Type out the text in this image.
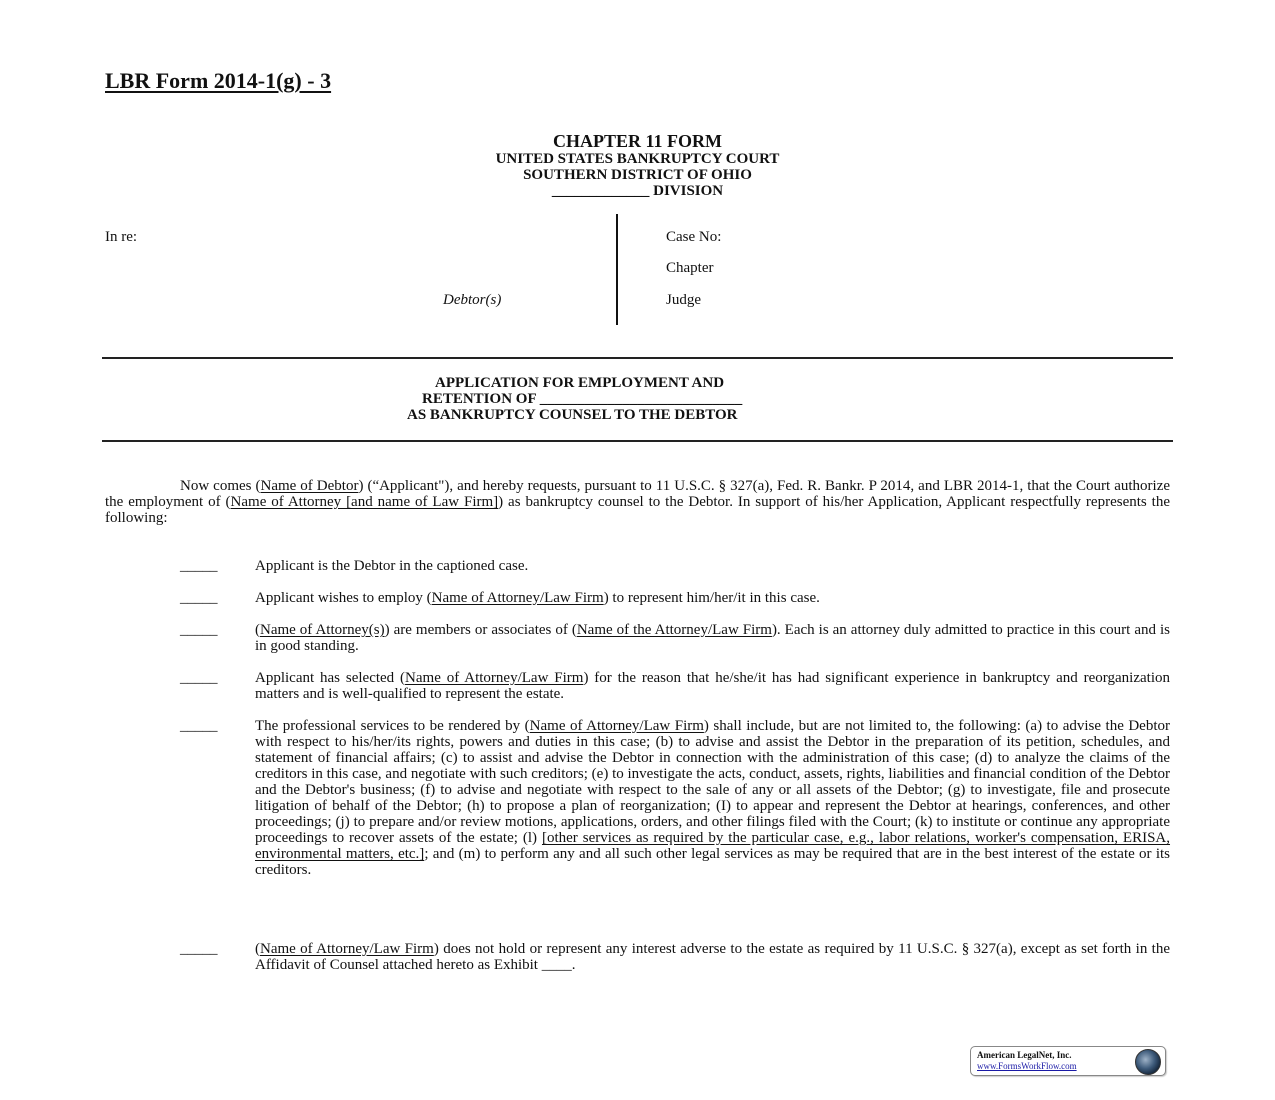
LBR Form 2014-1(g) - 3
CHAPTER 11 FORM
UNITED STATES BANKRUPTCY COURT
SOUTHERN DISTRICT OF OHIO
_____________ DIVISION
In re:
Debtor(s)
Case No:
Chapter
Judge
APPLICATION FOR EMPLOYMENT AND
RETENTION OF ___________________________
AS BANKRUPTCY COUNSEL TO THE DEBTOR
Now comes (Name of Debtor) (“Applicant"), and hereby requests, pursuant to 11 U.S.C. § 327(a), Fed. R. Bankr. P 2014, and LBR 2014-1, that the Court authorize the employment of (Name of Attorney [and name of Law Firm]) as bankruptcy counsel to the Debtor. In support of his/her Application, Applicant respectfully represents the following:
_____	Applicant is the Debtor in the captioned case.
_____	Applicant wishes to employ (Name of Attorney/Law Firm) to represent him/her/it in this case.
_____	(Name of Attorney(s)) are members or associates of (Name of the Attorney/Law Firm). Each is an attorney duly admitted to practice in this court and is in good standing.
_____	Applicant has selected (Name of Attorney/Law Firm) for the reason that he/she/it has had significant experience in bankruptcy and reorganization matters and is well-qualified to represent the estate.
_____	The professional services to be rendered by (Name of Attorney/Law Firm) shall include, but are not limited to, the following: (a) to advise the Debtor with respect to his/her/its rights, powers and duties in this case; (b) to advise and assist the Debtor in the preparation of its petition, schedules, and statement of financial affairs; (c) to assist and advise the Debtor in connection with the administration of this case; (d) to analyze the claims of the creditors in this case, and negotiate with such creditors; (e) to investigate the acts, conduct, assets, rights, liabilities and financial condition of the Debtor and the Debtor's business; (f) to advise and negotiate with respect to the sale of any or all assets of the Debtor; (g) to investigate, file and prosecute litigation of behalf of the Debtor; (h) to propose a plan of reorganization; (I) to appear and represent the Debtor at hearings, conferences, and other proceedings; (j) to prepare and/or review motions, applications, orders, and other filings filed with the Court; (k) to institute or continue any appropriate proceedings to recover assets of the estate; (l) [other services as required by the particular case, e.g., labor relations, worker's compensation, ERISA, environmental matters, etc.]; and (m) to perform any and all such other legal services as may be required that are in the best interest of the estate or its creditors.
_____	(Name of Attorney/Law Firm) does not hold or represent any interest adverse to the estate as required by 11 U.S.C. § 327(a), except as set forth in the Affidavit of Counsel attached hereto as Exhibit ____.
American LegalNet, Inc.
www.FormsWorkFlow.com
